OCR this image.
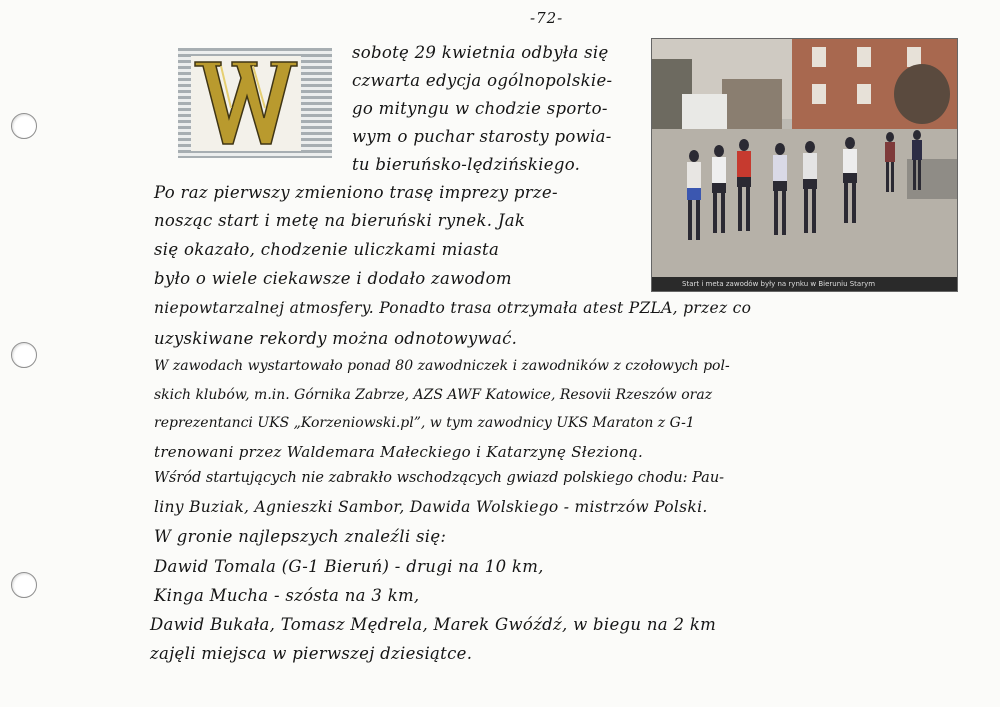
-72-
Start i meta zawodów były na rynku w Bieruniu Starym
sobotę 29 kwietnia odbyła się
czwarta edycja ogólnopolskie-
go mityngu w chodzie sporto-
wym o puchar starosty powia-
tu bieruńsko-lędzińskiego.
Po raz pierwszy zmieniono trasę imprezy prze-
nosząc start i metę na bieruński rynek. Jak
się okazało, chodzenie uliczkami miasta
było o wiele ciekawsze i dodało zawodom
niepowtarzalnej atmosfery. Ponadto trasa otrzymała atest PZLA, przez co
uzyskiwane rekordy można odnotowywać.
W zawodach wystartowało ponad 80 zawodniczek i zawodników z czołowych pol-
skich klubów, m.in. Górnika Zabrze, AZS AWF Katowice, Resovii Rzeszów oraz
reprezentanci UKS „Korzeniowski.pl”, w tym zawodnicy UKS Maraton z G-1
trenowani przez Waldemara Małeckiego i Katarzynę Słezioną.
Wśród startujących nie zabrakło wschodzących gwiazd polskiego chodu: Pau-
liny Buziak, Agnieszki Sambor, Dawida Wolskiego - mistrzów Polski.
W gronie najlepszych znaleźli się:
Dawid Tomala (G-1 Bieruń) - drugi na 10 km,
Kinga Mucha - szósta na 3 km,
Dawid Bukała, Tomasz Mędrela, Marek Gwóźdź, w biegu na 2 km
zajęli miejsca w pierwszej dziesiątce.
